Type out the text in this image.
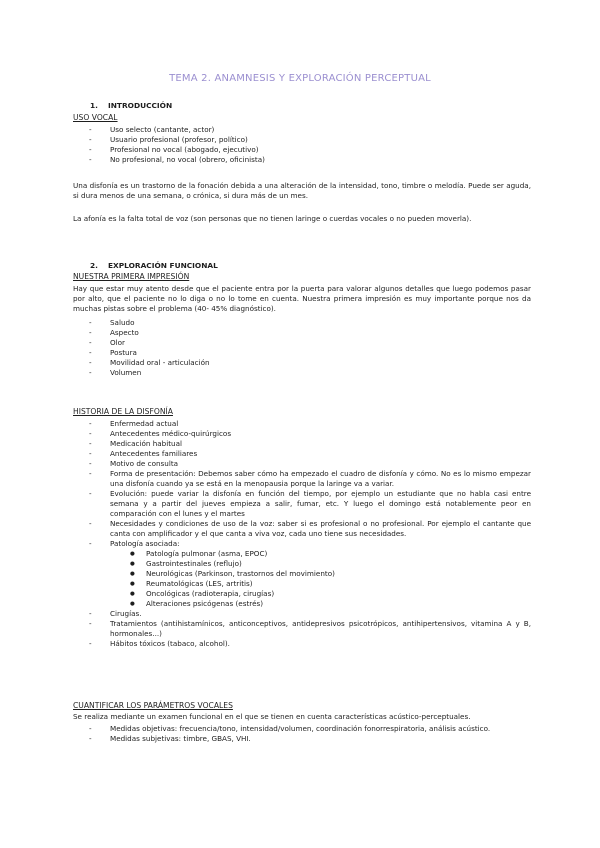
TEMA 2. ANAMNESIS Y EXPLORACIÓN PERCEPTUAL
1. INTRODUCCIÓN
USO VOCAL
- Uso selecto (cantante, actor)
- Usuario profesional (profesor, político)
- Profesional no vocal (abogado, ejecutivo)
- No profesional, no vocal (obrero, oficinista)

Una disfonía es un trastorno de la fonación debida a una alteración de la intensidad, tono, timbre o melodía. Puede ser aguda, si dura menos de una semana, o crónica, si dura más de un mes.

La afonía es la falta total de voz (son personas que no tienen laringe o cuerdas vocales o no pueden moverla).

2. EXPLORACIÓN FUNCIONAL
NUESTRA PRIMERA IMPRESIÓN

Hay que estar muy atento desde que el paciente entra por la puerta para valorar algunos detalles que luego podemos pasar por alto, que el paciente no lo diga o no lo tome en cuenta. Nuestra primera impresión es muy importante porque nos da muchas pistas sobre el problema (40- 45% diagnóstico).

- Saludo
- Aspecto
- Olor
- Postura
- Movilidad oral - articulación
- Volumen
HISTORIA DE LA DISFONÍA
- Enfermedad actual
- Antecedentes médico-quirúrgicos
- Medicación habitual
- Antecedentes familiares
- Motivo de consulta
- Forma de presentación: Debemos saber cómo ha empezado el cuadro de disfonía y cómo. No es lo mismo empezar una disfonía cuando ya se está en la menopausia porque la laringe va a variar.
- Evolución: puede variar la disfonía en función del tiempo, por ejemplo un estudiante que no habla casi entre semana y a partir del jueves empieza a salir, fumar, etc. Y luego el domingo está notablemente peor en comparación con el lunes y el martes
- Necesidades y condiciones de uso de la voz: saber si es profesional o no profesional. Por ejemplo el cantante que canta con amplificador y el que canta a viva voz, cada uno tiene sus necesidades.
- Patología asociada:
● Patología pulmonar (asma, EPOC)
● Gastrointestinales (reflujo)
● Neurológicas (Parkinson, trastornos del movimiento)
● Reumatológicas (LES, artritis)
● Oncológicas (radioterapia, cirugías)
● Alteraciones psicógenas (estrés)
- Cirugías.
- Tratamientos (antihistamínicos, anticonceptivos, antidepresivos psicotrópicos, antihipertensivos, vitamina A y B, hormonales...)
- Hábitos tóxicos (tabaco, alcohol).
CUANTIFICAR LOS PARÁMETROS VOCALES

Se realiza mediante un examen funcional en el que se tienen en cuenta características acústico-perceptuales.

- Medidas objetivas: frecuencia/tono, intensidad/volumen, coordinación fonorrespiratoria, análisis acústico.
- Medidas subjetivas: timbre, GBAS, VHI.
